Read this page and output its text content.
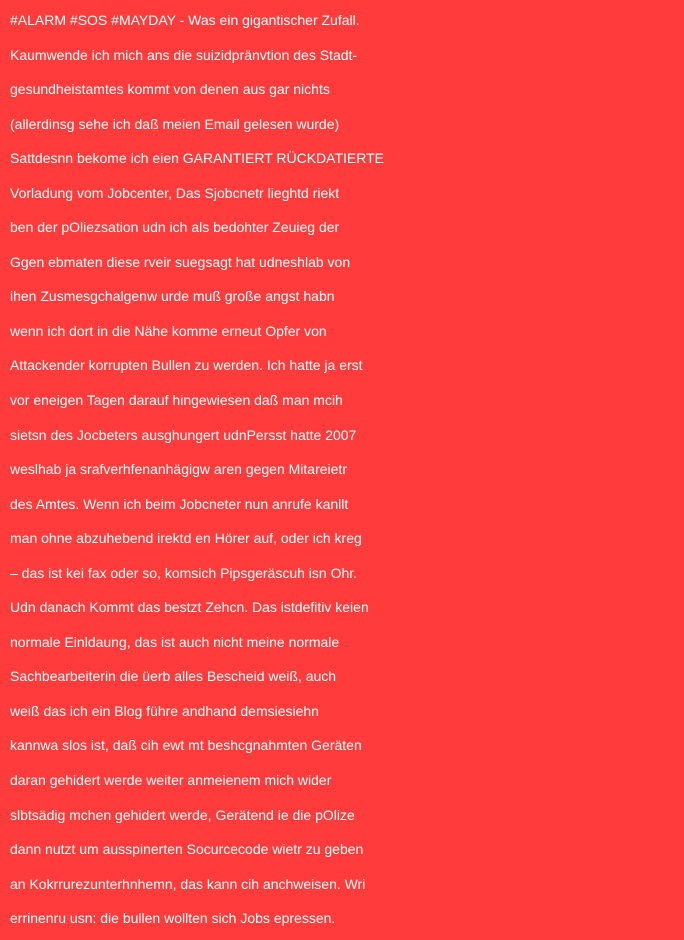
#ALARM #SOS #MAYDAY - Was ein gigantischer Zufall.
Kaumwende ich mich ans die suizidpränvtion des Stadt-
gesundheistamtes kommt von denen aus gar nichts
(allerdinsg sehe ich daß meien Email gelesen wurde)
Sattdesnn bekome ich eien GARANTIERT RÜCKDATIERTE
Vorladung vom Jobcenter, Das Sjobcnetr lieghtd riekt
ben der pOliezsation udn ich als bedohter Zeuieg der
Ggen ebmaten diese rveir suegsagt hat udneshlab von
ihen Zusmesgchalgenw urde muß große angst habn
wenn ich dort in die Nähe komme erneut Opfer von
Attackender korrupten Bullen zu werden. Ich hatte ja erst
vor eneigen Tagen darauf hingewiesen daß man mcih
sietsn des Jocbeters ausghungert udnPersst hatte 2007
weslhab ja srafverhfenanhägigw aren gegen Mitareietr
des Amtes. Wenn ich beim Jobcneter nun anrufe kanllt
man ohne abzuhebend irektd en Hörer auf, oder ich kreg
– das ist kei fax oder so, komsich Pipsgeräscuh isn Ohr.
Udn danach Kommt das bestzt Zehcn. Das istdefitiv keien
normale Einldaung, das ist auch nicht meine normale
Sachbearbeiterin die üerb alles Bescheid weiß, auch
weiß das ich ein Blog führe andhand demsiesiehn
kannwa slos ist, daß cih ewt mt beshcgnahmten Geräten
daran gehidert werde weiter anmeienem mich wider
slbtsädig mchen gehidert werde, Gerätend ie die pOlize
dann nutzt um ausspinerten Socurcecode wietr zu geben
an Kokrrurezunterhnhemn, das kann cih anchweisen. Wri
errinenru usn: die bullen wollten sich Jobs epressen.
